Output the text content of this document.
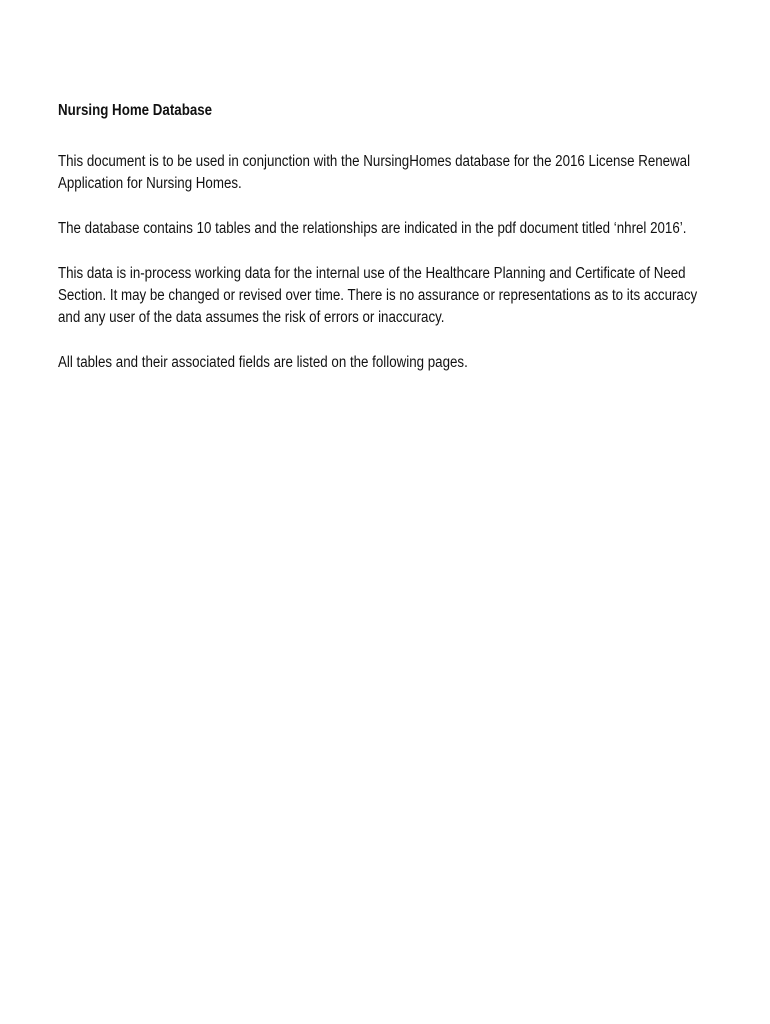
Nursing Home Database
This document is to be used in conjunction with the NursingHomes database for the 2016 License Renewal
Application for Nursing Homes.
The database contains 10 tables and the relationships are indicated in the pdf document titled ‘nhrel 2016’.
This data is in-process working data for the internal use of the Healthcare Planning and Certificate of Need
Section. It may be changed or revised over time. There is no assurance or representations as to its accuracy
and any user of the data assumes the risk of errors or inaccuracy.
All tables and their associated fields are listed on the following pages.
